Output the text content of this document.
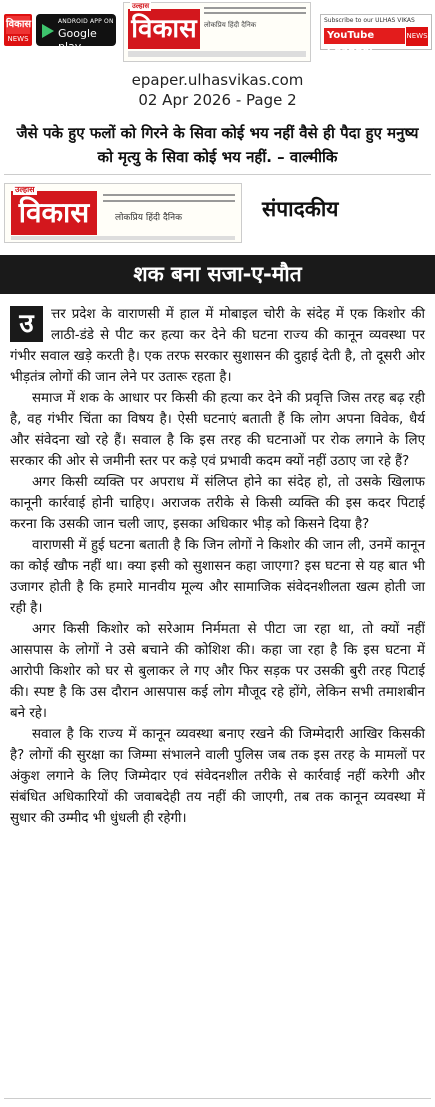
विकास
NEWS
ANDROID APP ON
Google play
विकास
उल्हास
लोकप्रिय हिंदी दैनिक
Subscribe to our ULHAS VIKAS
YouTube Channel
NEWS
epaper.ulhasvikas.com
02 Apr 2026 - Page 2
जैसे पके हुए फलों को गिरने के सिवा कोई भय नहीं वैसे ही पैदा हुए मनुष्य को मृत्यु के सिवा कोई भय नहीं. – वाल्मीकि
विकास
उल्हास
लोकप्रिय हिंदी दैनिक	संपादकीय
शक बना सजा-ए-मौत

उ	त्तर प्रदेश के वाराणसी में हाल में मोबाइल चोरी के संदेह में एक किशोर की लाठी-डंडे से पीट कर हत्या कर देने की घटना राज्य की कानून व्यवस्था पर गंभीर सवाल खड़े करती है। एक तरफ सरकार सुशासन की दुहाई देती है, तो दूसरी ओर भीड़तंत्र लोगों की जान लेने पर उतारू रहता है।

समाज में शक के आधार पर किसी की हत्या कर देने की प्रवृत्ति जिस तरह बढ़ रही है, वह गंभीर चिंता का विषय है। ऐसी घटनाएं बताती हैं कि लोग अपना विवेक, धैर्य और संवेदना खो रहे हैं। सवाल है कि इस तरह की घटनाओं पर रोक लगाने के लिए सरकार की ओर से जमीनी स्तर पर कड़े एवं प्रभावी कदम क्यों नहीं उठाए जा रहे हैं?

अगर किसी व्यक्ति पर अपराध में संलिप्त होने का संदेह हो, तो उसके खिलाफ कानूनी कार्रवाई होनी चाहिए। अराजक तरीके से किसी व्यक्ति की इस कदर पिटाई करना कि उसकी जान चली जाए, इसका अधिकार भीड़ को किसने दिया है?

वाराणसी में हुई घटना बताती है कि जिन लोगों ने किशोर की जान ली, उनमें कानून का कोई खौफ नहीं था। क्या इसी को सुशासन कहा जाएगा? इस घटना से यह बात भी उजागर होती है कि हमारे मानवीय मूल्य और सामाजिक संवेदनशीलता खत्म होती जा रही है।

अगर किसी किशोर को सरेआम निर्ममता से पीटा जा रहा था, तो क्यों नहीं आसपास के लोगों ने उसे बचाने की कोशिश की। कहा जा रहा है कि इस घटना में आरोपी किशोर को घर से बुलाकर ले गए और फिर सड़क पर उसकी बुरी तरह पिटाई की। स्पष्ट है कि उस दौरान आसपास कई लोग मौजूद रहे होंगे, लेकिन सभी तमाशबीन बने रहे।

सवाल है कि राज्य में कानून व्यवस्था बनाए रखने की जिम्मेदारी आखिर किसकी है? लोगों की सुरक्षा का जिम्मा संभालने वाली पुलिस जब तक इस तरह के मामलों पर अंकुश लगाने के लिए जिम्मेदार एवं संवेदनशील तरीके से कार्रवाई नहीं करेगी और संबंधित अधिकारियों की जवाबदेही तय नहीं की जाएगी, तब तक कानून व्यवस्था में सुधार की उम्मीद भी धुंधली ही रहेगी।
